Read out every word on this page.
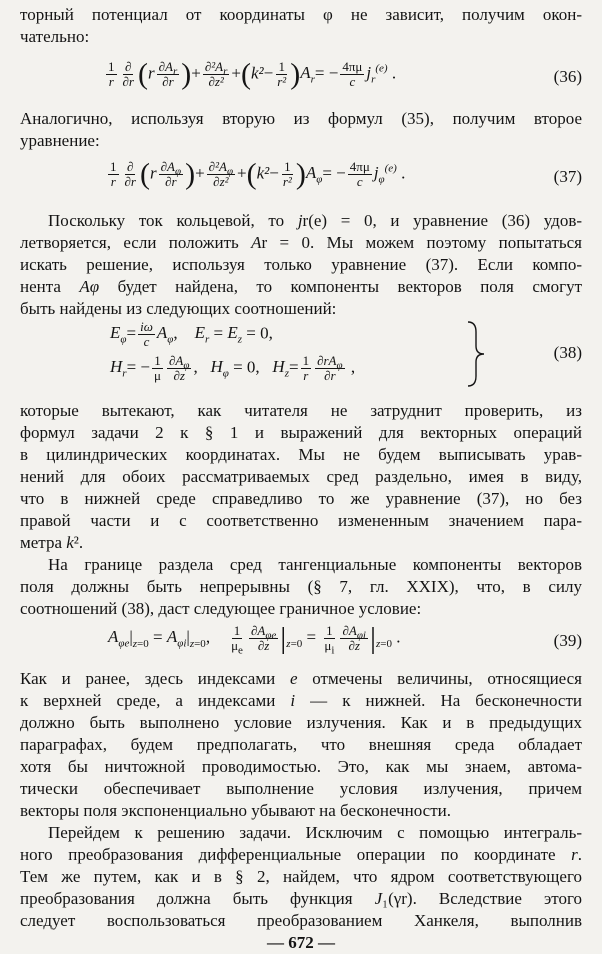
торный потенциал от координаты φ не зависит, получим окон-

чательно:

$\frac{1}{r} \frac{\partial}{\partial r} (r \frac{\partial A_r}{\partial r}$ )+ $\frac{\partial^2A_r}{\text{∂z²}} +(k^2- \frac{1}{\text{r²}} )A_r= - \frac{4\pi\mu}{c} j_r^{(e)}$ .	(36)

Аналогично, используя вторую из формул (35), получим второе

уравнение:

$\frac{1}{r} \frac{\partial}{\partial r} (r \frac{\partial A_\varphi}{\partial r}$ )+ $\frac{\partial^2A_\varphi}{\text{∂z²}} +(k^2- \frac{1}{\text{r²}} )A_\varphi= - \frac{4\pi\mu}{c} j_\varphi^{(e)}$ .	(37)

Поскольку ток кольцевой, то jr(e) = 0, и уравнение (36) удов-

летворяется, если положить Ar = 0. Мы можем поэтому попытаться

искать решение, используя только уравнение (37). Если компо-

нента Aφ будет найдена, то компоненты векторов поля смогут

быть найдены из следующих соотношений:

$E_\varphi= \frac{i\omega}{c} A_\varphi$,    $E_r = E_z = 0$,
$H_r= - \frac{1}{\mu} \frac{\partial A_\varphi}{\partial z}$ ,   $H_\varphi = 0$,   $H_z= \frac{1}{r} \frac{\partial rA_\varphi}{\partial r}$ ,
(38)

которые вытекают, как читателя не затруднит проверить, из

формул задачи 2 к § 1 и выражений для векторных операций

в цилиндрических координатах. Мы не будем выписывать урав-

нений для обоих рассматриваемых сред раздельно, имея в виду,

что в нижней среде справедливо то же уравнение (37), но без

правой части и с соответственно измененным значением пара-

метра k².

На границе раздела сред тангенциальные компоненты векторов

поля должны быть непрерывны (§ 7, гл. XXIX), что, в силу

соотношений (38), даст следующее граничное условие:

$A_{\varphi e}|_{z=0} = A_{\varphi i}|_{z=0}$, $\frac{1}{\mu_e} \frac{\partial A_{\varphi e}}{\partial z} |_{z=0} = \frac{1}{\mu_i} \frac{\partial A_{\varphi i}}{\partial z} |_{z=0}$ .	(39)

Как и ранее, здесь индексами e отмечены величины, относящиеся

к верхней среде, а индексами i — к нижней. На бесконечности

должно быть выполнено условие излучения. Как и в предыдущих

параграфах, будем предполагать, что внешняя среда обладает

хотя бы ничтожной проводимостью. Это, как мы знаем, автома-

тически обеспечивает выполнение условия излучения, причем

векторы поля экспоненциально убывают на бесконечности.

Перейдем к решению задачи. Исключим с помощью интеграль-

ного преобразования дифференциальные операции по координате r.

Тем же путем, как и в § 2, найдем, что ядром соответствующего

преобразования должна быть функция J₁(γr). Вследствие этого

следует воспользоваться преобразованием Ханкеля, выполнив

— 672 —
